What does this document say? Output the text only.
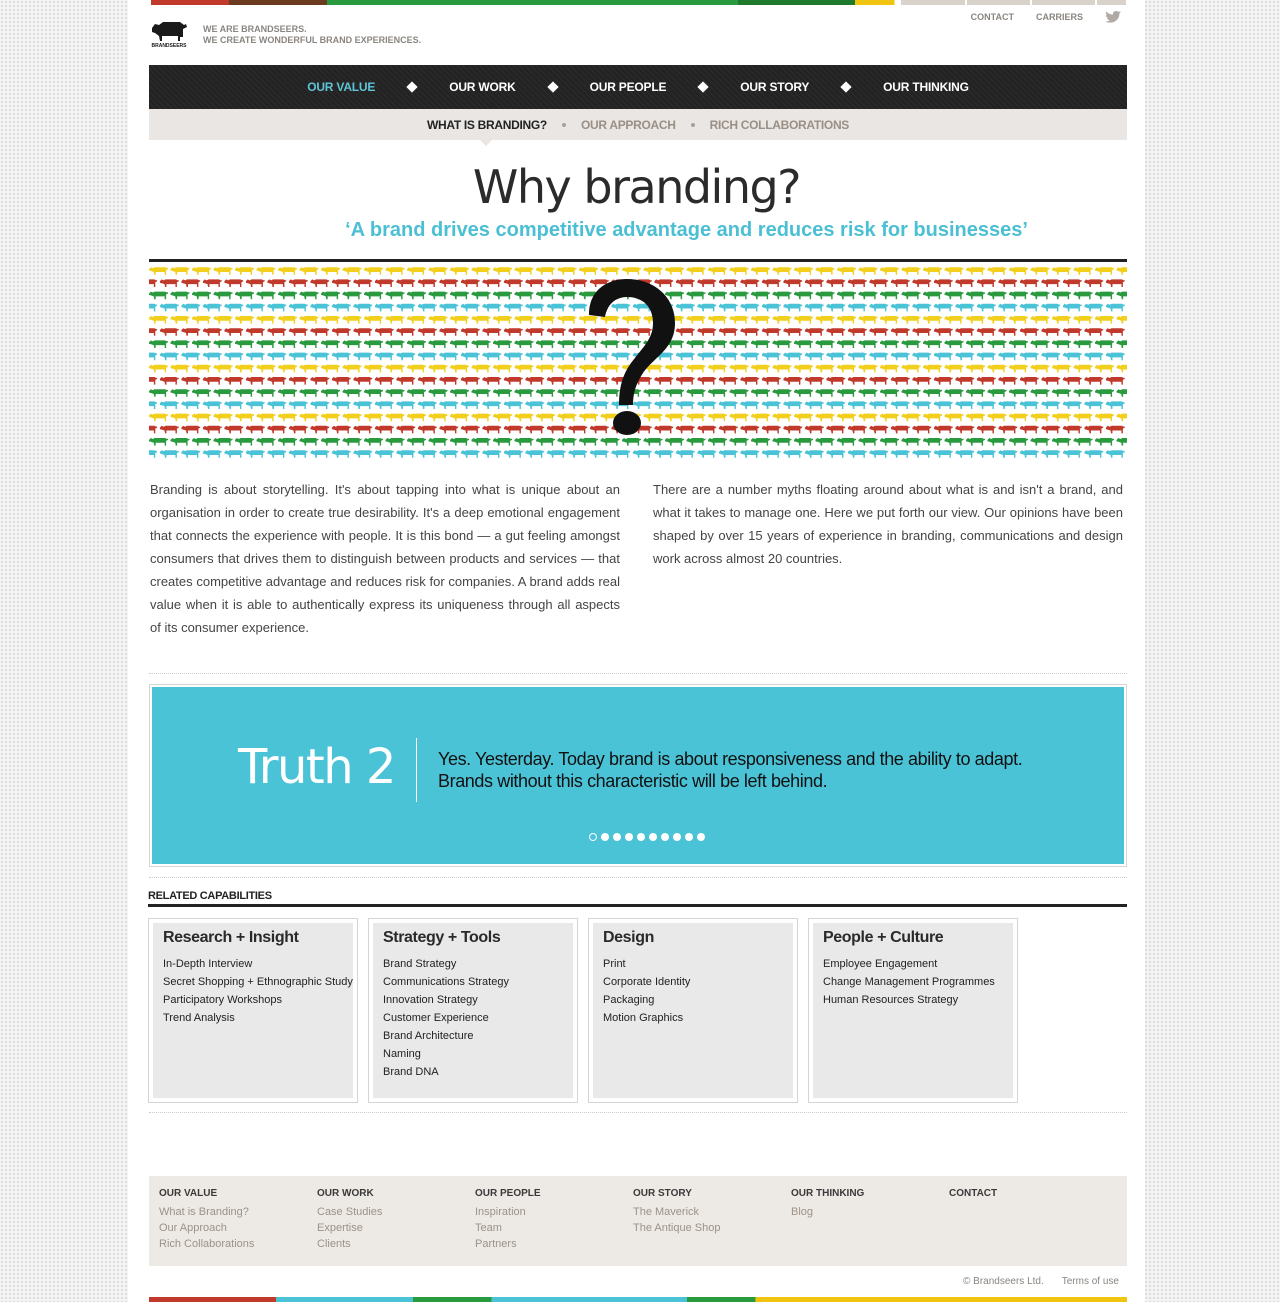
BRANDSEERS
WE ARE BRANDSEERS.
WE CREATE WONDERFUL BRAND EXPERIENCES.
CONTACT CARRIERS
OUR VALUE	OUR WORK	OUR PEOPLE	OUR STORY	OUR THINKING
WHAT IS BRANDING?	OUR APPROACH	RICH COLLABORATIONS
Why branding?
‘A brand drives competitive advantage and reduces risk for businesses’
Branding is about storytelling. It's about tapping into what is unique about an organisation in order to create true desirability. It's a deep emotional engagement that connects the experience with people. It is this bond — a gut feeling amongst consumers that drives them to distinguish between products and services — that creates competitive advantage and reduces risk for companies. A brand adds real value when it is able to authentically express its uniqueness through all aspects of its consumer experience.
There are a number myths floating around about what is and isn't a brand, and what it takes to manage one. Here we put forth our view. Our opinions have been shaped by over 15 years of experience in branding, communications and design work across almost 20 countries.
Truth 2 Yes. Yesterday. Today brand is about responsiveness and the ability to adapt. Brands without this characteristic will be left behind.
RELATED CAPABILITIES
Research + Insight
In-Depth Interview
Secret Shopping + Ethnographic Study
Participatory Workshops
Trend Analysis
Strategy + Tools
Brand Strategy
Communications Strategy
Innovation Strategy
Customer Experience
Brand Architecture
Naming
Brand DNA
Design
Print
Corporate Identity
Packaging
Motion Graphics
People + Culture
Employee Engagement
Change Management Programmes
Human Resources Strategy
OUR VALUE
What is Branding?
Our Approach
Rich Collaborations
OUR WORK
Case Studies
Expertise
Clients
OUR PEOPLE
Inspiration
Team
Partners
OUR STORY
The Maverick
The Antique Shop
OUR THINKING
Blog
CONTACT
© Brandseers Ltd. Terms of use
